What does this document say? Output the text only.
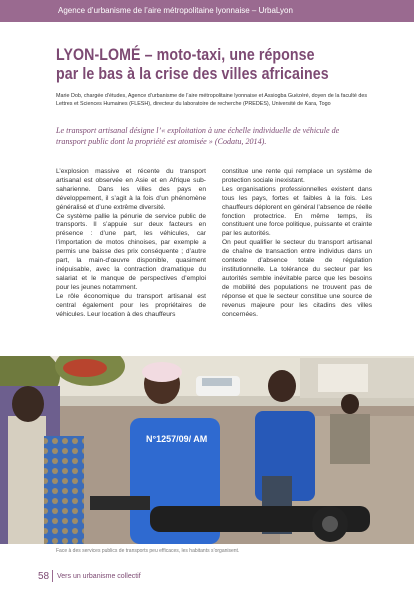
Agence d’urbanisme de l’aire métropolitaine lyonnaise – UrbaLyon
LYON-LOMÉ – moto-taxi, une réponse
par le bas à la crise des villes africaines

Marie Dob, chargée d’études, Agence d’urbanisme de l’aire métropolitaine lyonnaise et Assiogba Guézéré, doyen de la faculté des Lettres et Sciences Humaines (FLESH), directeur du laboratoire de recherche (PREDES), Université de Kara, Togo

Le transport artisanal désigne l’« exploitation à une échelle individuelle de véhicule de transport public dont la propriété est atomisée » (Codatu, 2014).

L’explosion massive et récente du transport artisanal est observée en Asie et en Afrique sub-saharienne. Dans les villes des pays en développement, il s’agit à la fois d’un phénomène généralisé et d’une extrême diversité.

Ce système pallie la pénurie de service public de transports. Il s’appuie sur deux facteurs en présence : d’une part, les véhicules, car l’importation de motos chinoises, par exemple a permis une baisse des prix conséquente ; d’autre part, la main-d’œuvre disponible, quasiment inépuisable, avec la contraction dramatique du salariat et le manque de perspectives d’emploi pour les jeunes notamment.

Le rôle économique du transport artisanal est central également pour les propriétaires de véhicules. Leur location à des chauffeurs

constitue une rente qui remplace un système de protection sociale inexistant.

Les organisations professionnelles existent dans tous les pays, fortes et faibles à la fois. Les chauffeurs déplorent en général l’absence de réelle fonction protectrice. En même temps, ils constituent une force politique, puissante et crainte par les autorités.

On peut qualifier le secteur du transport artisanal de chaîne de transaction entre individus dans un contexte d’absence totale de régulation institutionnelle. La tolérance du secteur par les autorités semble inévitable parce que les besoins de mobilité des populations ne trouvent pas de réponse et que le secteur constitue une source de revenus majeure pour les citadins des villes concernées.

N°1257/09/ AM

Face à des services publics de transports peu efficaces, les habitants s’organisent.

58 Vers un urbanisme collectif
